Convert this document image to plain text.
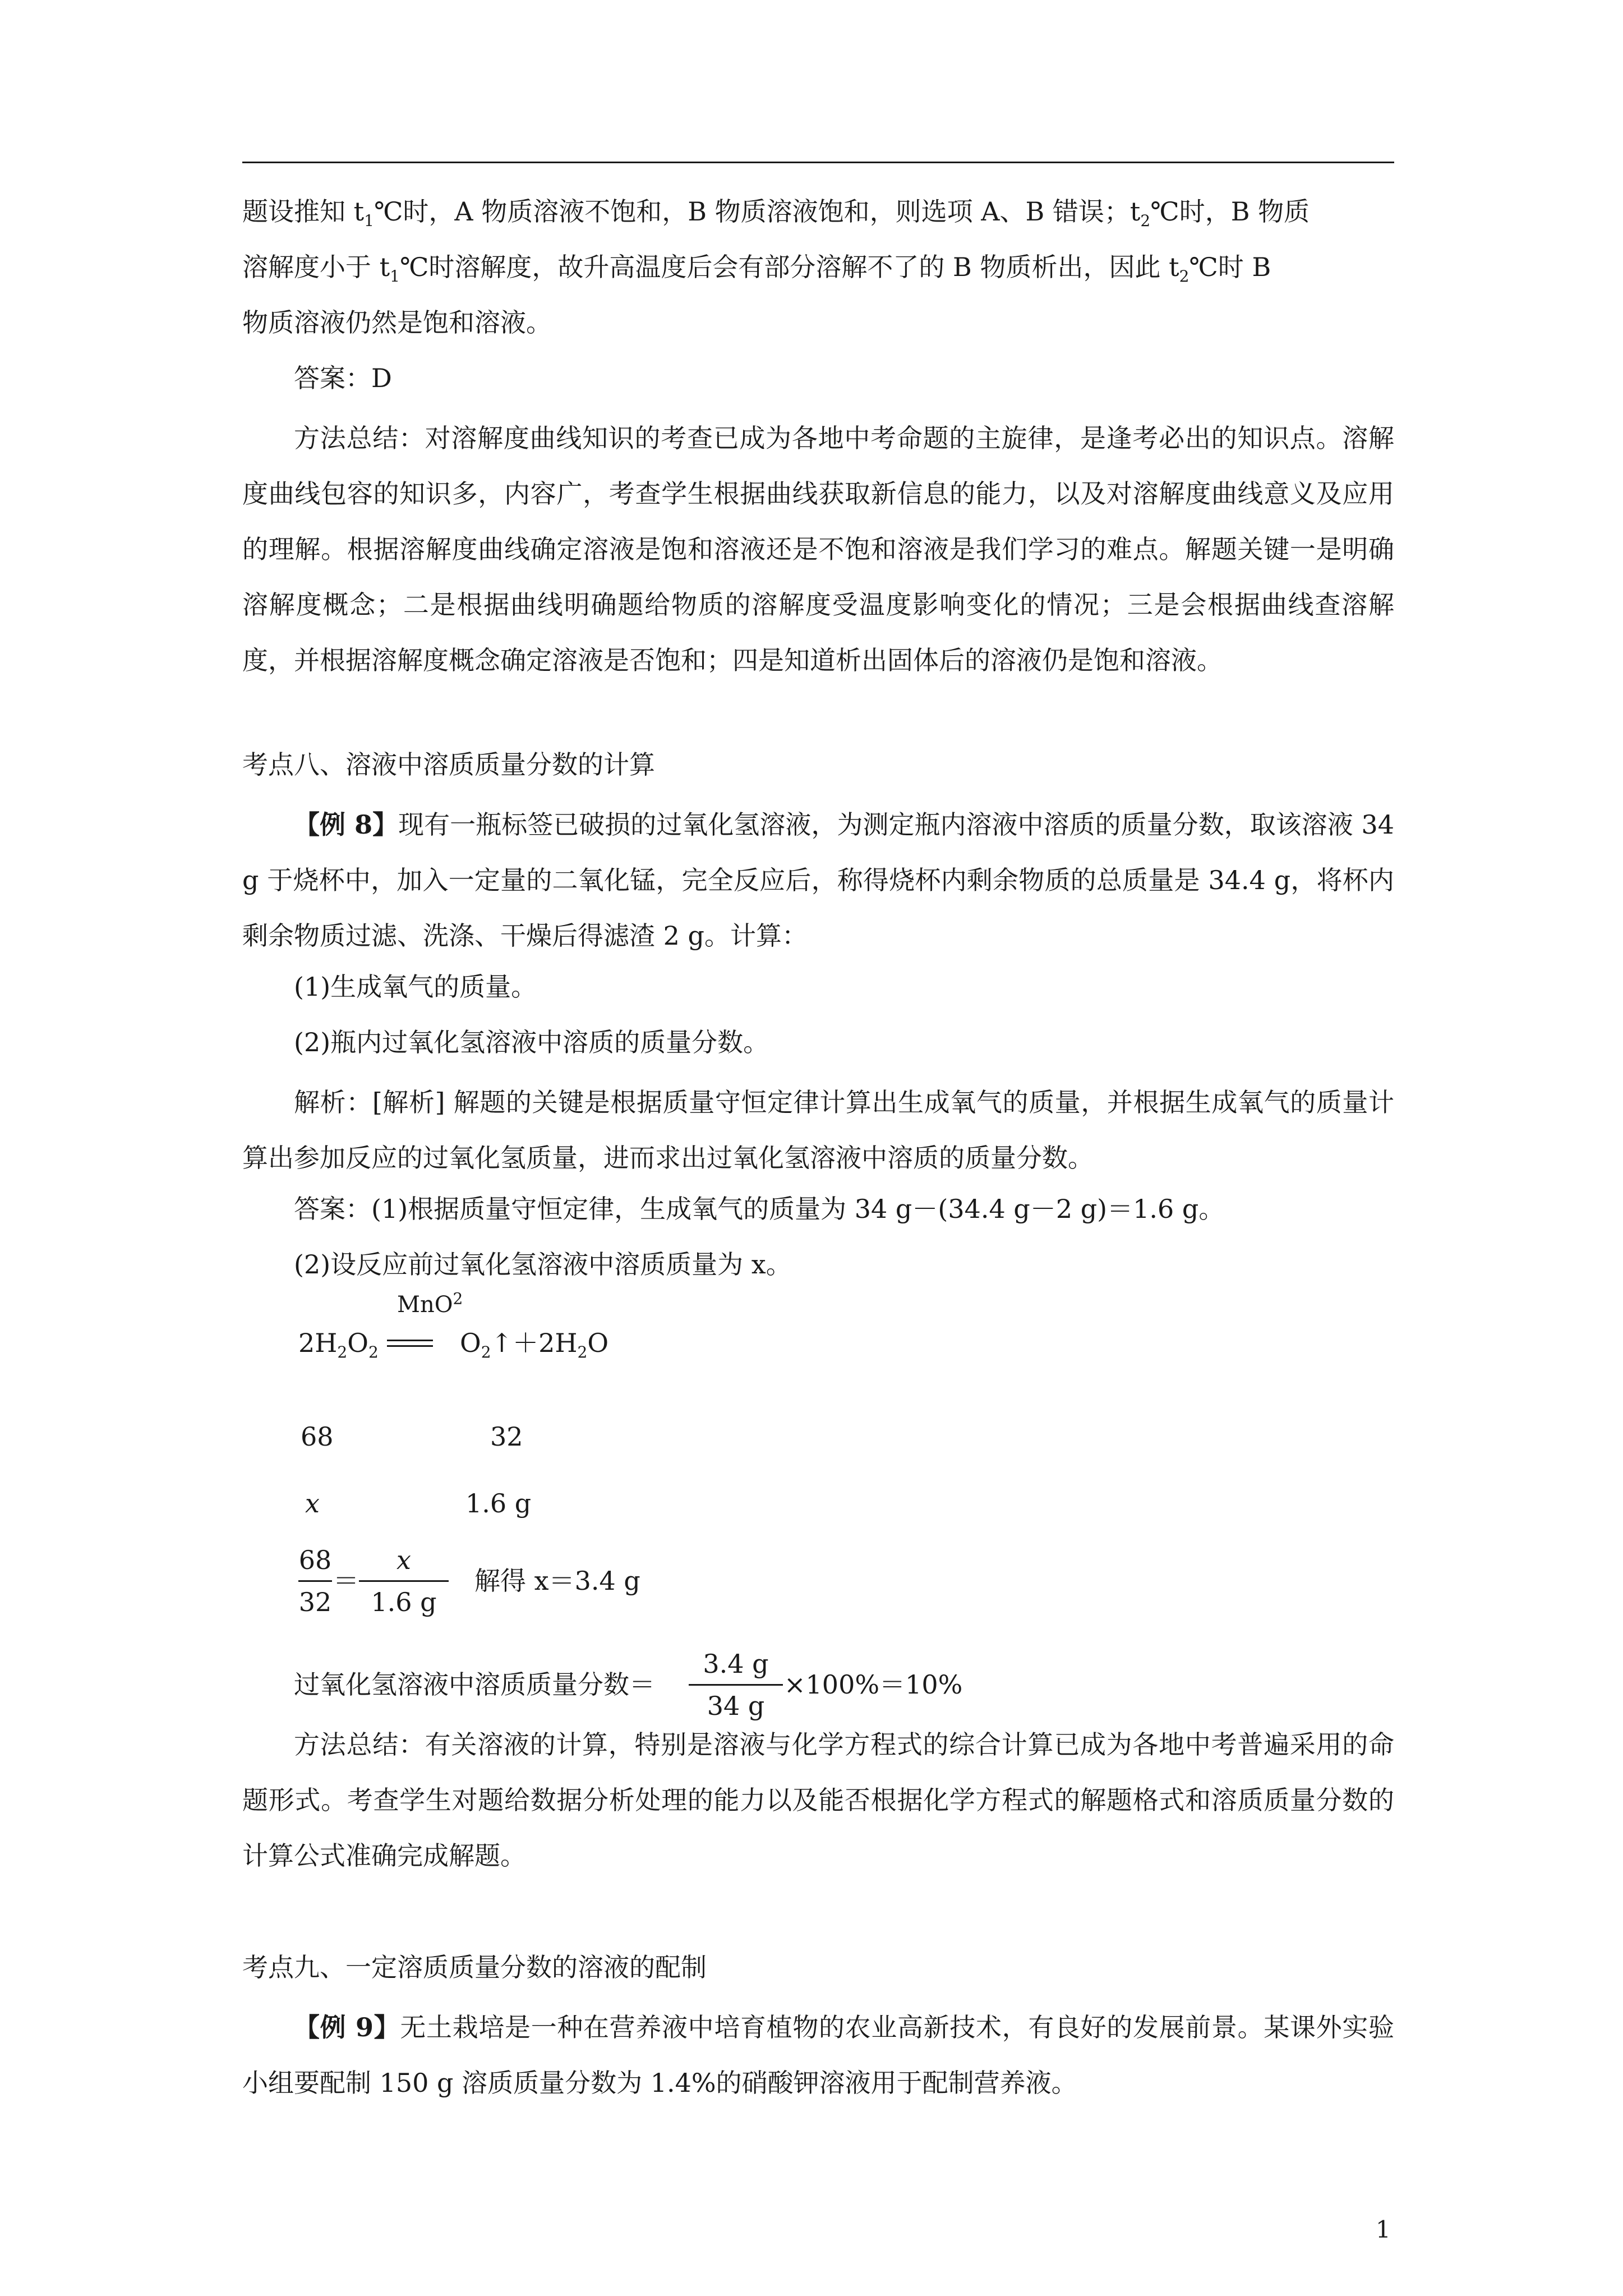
题设推知 $t_1℃$时，A 物质溶液不饱和，B 物质溶液饱和，则选项 A、B 错误；$t_2℃$时，B 物质
溶解度小于 $t_1℃$时溶解度，故升高温度后会有部分溶解不了的 B 物质析出，因此 $t_2℃$时 B
物质溶液仍然是饱和溶液。
答案：D
方法总结：对溶解度曲线知识的考查已成为各地中考命题的主旋律，是逢考必出的知识点。溶解度曲线包容的知识多，内容广，考查学生根据曲线获取新信息的能力，以及对溶解度曲线意义及应用的理解。根据溶解度曲线确定溶液是饱和溶液还是不饱和溶液是我们学习的难点。解题关键一是明确溶解度概念；二是根据曲线明确题给物质的溶解度受温度影响变化的情况；三是会根据曲线查溶解度，并根据溶解度概念确定溶液是否饱和；四是知道析出固体后的溶液仍是饱和溶液。
考点八、溶液中溶质质量分数的计算
【例 8】现有一瓶标签已破损的过氧化氢溶液，为测定瓶内溶液中溶质的质量分数，取该溶液 34 g 于烧杯中，加入一定量的二氧化锰，完全反应后，称得烧杯内剩余物质的总质量是 34.4 g，将杯内剩余物质过滤、洗涤、干燥后得滤渣 2 g。计算：
(1)生成氧气的质量。
(2)瓶内过氧化氢溶液中溶质的质量分数。
解析：[解析] 解题的关键是根据质量守恒定律计算出生成氧气的质量，并根据生成氧气的质量计算出参加反应的过氧化氢质量，进而求出过氧化氢溶液中溶质的质量分数。
答案：(1)根据质量守恒定律，生成氧气的质量为 34 g－(34.4 g－2 g)＝1.6 g。
(2)设反应前过氧化氢溶液中溶质质量为 x。
MnO$^2$
$2H_2O_2$	$O_2↑+2H_2O$
68	32
x	1.6 g
68
32
＝
x
1.6 g
解得 x＝3.4 g
过氧化氢溶液中溶质质量分数＝
3.4 g
34 g
×100%＝10%
方法总结：有关溶液的计算，特别是溶液与化学方程式的综合计算已成为各地中考普遍采用的命题形式。考查学生对题给数据分析处理的能力以及能否根据化学方程式的解题格式和溶质质量分数的计算公式准确完成解题。
考点九、一定溶质质量分数的溶液的配制
【例 9】无土栽培是一种在营养液中培育植物的农业高新技术，有良好的发展前景。某课外实验小组要配制 150 g 溶质质量分数为 1.4%的硝酸钾溶液用于配制营养液。
1
